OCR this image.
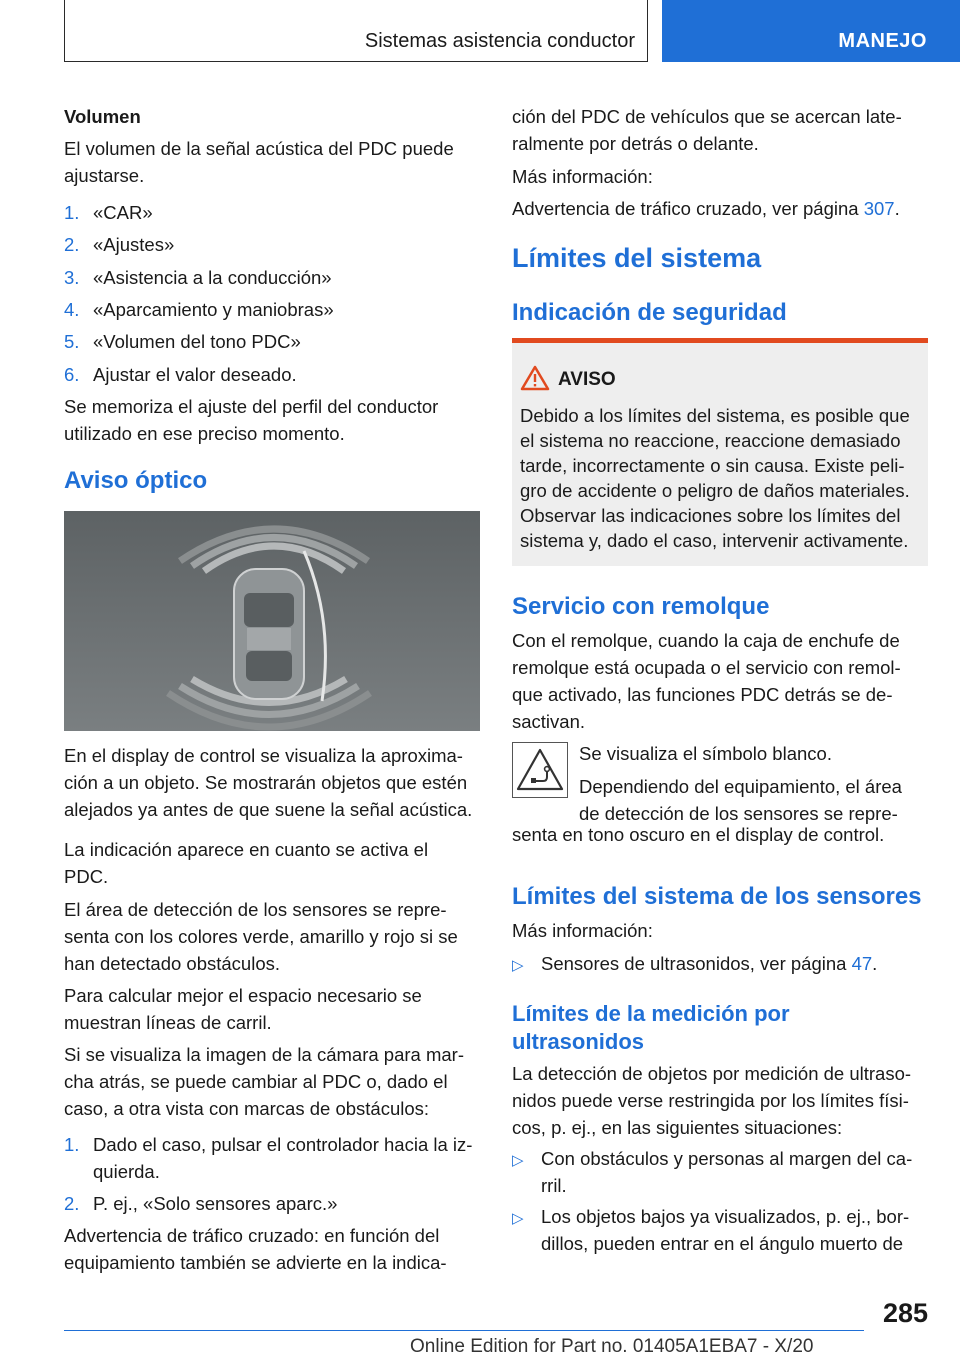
Sistemas asistencia conductor	MANEJO

Volumen

El volumen de la señal acústica del PDC puede

ajustarse.

1. «CAR»
2. «Ajustes»
3. «Asistencia a la conducción»
4. «Aparcamiento y maniobras»
5. «Volumen del tono PDC»
6. Ajustar el valor deseado.

Se memoriza el ajuste del perfil del conductor

utilizado en ese preciso momento.

Aviso óptico

En el display de control se visualiza la aproxima-

ción a un objeto. Se mostrarán objetos que estén

alejados ya antes de que suene la señal acústica.

La indicación aparece en cuanto se activa el

PDC.

El área de detección de los sensores se repre-

senta con los colores verde, amarillo y rojo si se

han detectado obstáculos.

Para calcular mejor el espacio necesario se

muestran líneas de carril.

Si se visualiza la imagen de la cámara para mar-

cha atrás, se puede cambiar al PDC o, dado el

caso, a otra vista con marcas de obstáculos:

1. Dado el caso, pulsar el controlador hacia la iz-
quierda.
2. P. ej., «Solo sensores aparc.»

Advertencia de tráfico cruzado: en función del

equipamiento también se advierte en la indica-

ción del PDC de vehículos que se acercan late-

ralmente por detrás o delante.

Más información:

Advertencia de tráfico cruzado, ver página 307.

Límites del sistema

Indicación de seguridad

AVISO

Debido a los límites del sistema, es posible que

el sistema no reaccione, reaccione demasiado

tarde, incorrectamente o sin causa. Existe peli-

gro de accidente o peligro de daños materiales.

Observar las indicaciones sobre los límites del

sistema y, dado el caso, intervenir activamente.

Servicio con remolque

Con el remolque, cuando la caja de enchufe de

remolque está ocupada o el servicio con remol-

que activado, las funciones PDC detrás se de-

sactivan.

Se visualiza el símbolo blanco.

Dependiendo del equipamiento, el área

de detección de los sensores se repre-

senta en tono oscuro en el display de control.

Límites del sistema de los sensores

Más información:

▷ Sensores de ultrasonidos, ver página 47.

Límites de la medición por

ultrasonidos

La detección de objetos por medición de ultraso-

nidos puede verse restringida por los límites físi-

cos, p. ej., en las siguientes situaciones:

▷ Con obstáculos y personas al margen del ca-
rril.
▷ Los objetos bajos ya visualizados, p. ej., bor-
dillos, pueden entrar en el ángulo muerto de
285
Online Edition for Part no. 01405A1EBA7 - X/20
